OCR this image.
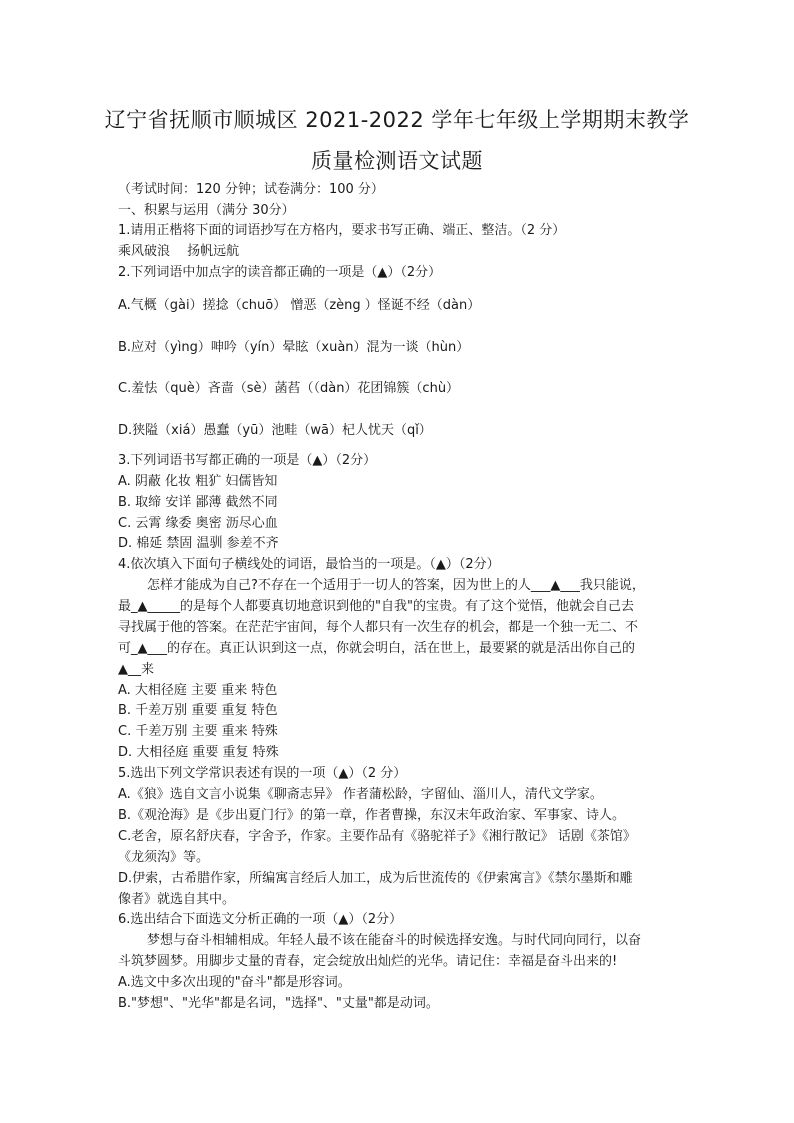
辽宁省抚顺市顺城区 2021-2022 学年七年级上学期期末教学
质量检测语文试题
（考试时间：120 分钟；试卷满分：100 分）
一、积累与运用（满分 30分）
1.请用正楷将下面的词语抄写在方格内，要求书写正确、端正、整洁。（2 分）
乘风破浪　 扬帆远航
2.下列词语中加点字的读音都正确的一项是（▲）（2分）
A.气概（gài）搓捻（chuō） 憎恶（zèng ）怪诞不经（dàn）
B.应对（yìng）呻吟（yín）晕眩（xuàn）混为一谈（hùn）
C.羞怯（què）吝啬（sè）菡萏（（dàn）花团锦簇（chù）
D.狭隘（xiá）愚蠢（yū）池畦（wā）杞人忧天（qǐ）
3.下列词语书写都正确的一项是（▲）（2分）
A. 阴蔽 化妆 粗犷 妇儒皆知
B. 取缔 安详 鄙薄 截然不同
C. 云霄 缘委 奥密 沥尽心血
D. 棉延 禁固 温驯 参差不齐
4.依次填入下面句子横线处的词语，最恰当的一项是。（▲）（2分）
怎样才能成为自己?不存在一个适用于一切人的答案，因为世上的人___▲___我只能说，
最_▲_____的是每个人都要真切地意识到他的"自我"的宝贵。有了这个觉悟，他就会自己去
寻找属于他的答案。在茫茫宇宙间，每个人都只有一次生存的机会，都是一个独一无二、不
可_▲___的存在。真正认识到这一点，你就会明白，活在世上，最要紧的就是活出你自己的
▲__来
A. 大相径庭 主要 重来 特色
B. 千差万别 重要 重复 特色
C. 千差万别 主要 重来 特殊
D. 大相径庭 重要 重复 特殊
5.选出下列文学常识表述有误的一项（▲）（2 分）
A.《狼》选自文言小说集《聊斋志异》 作者蒲松龄，字留仙、淄川人，清代文学家。
B.《观沧海》是《步出夏门行》的第一章，作者曹操，东汉末年政治家、军事家、诗人。
C.老舍，原名舒庆春，字舍予，作家。主要作品有《骆驼祥子》《湘行散记》 话剧《茶馆》
《龙须沟》等。
D.伊索，古希腊作家，所编寓言经后人加工，成为后世流传的《伊索寓言》《禁尔墨斯和雕
像者》就选自其中。
6.选出结合下面选文分析正确的一项（▲）（2分）
梦想与奋斗相辅相成。年轻人最不该在能奋斗的时候选择安逸。与时代同向同行，以奋
斗筑梦圆梦。用脚步丈量的青春，定会绽放出灿烂的光华。请记住：幸福是奋斗出来的!
A.选文中多次出现的"奋斗"都是形容词。
B."梦想"、"光华"都是名词，"选择"、"丈量"都是动词。
